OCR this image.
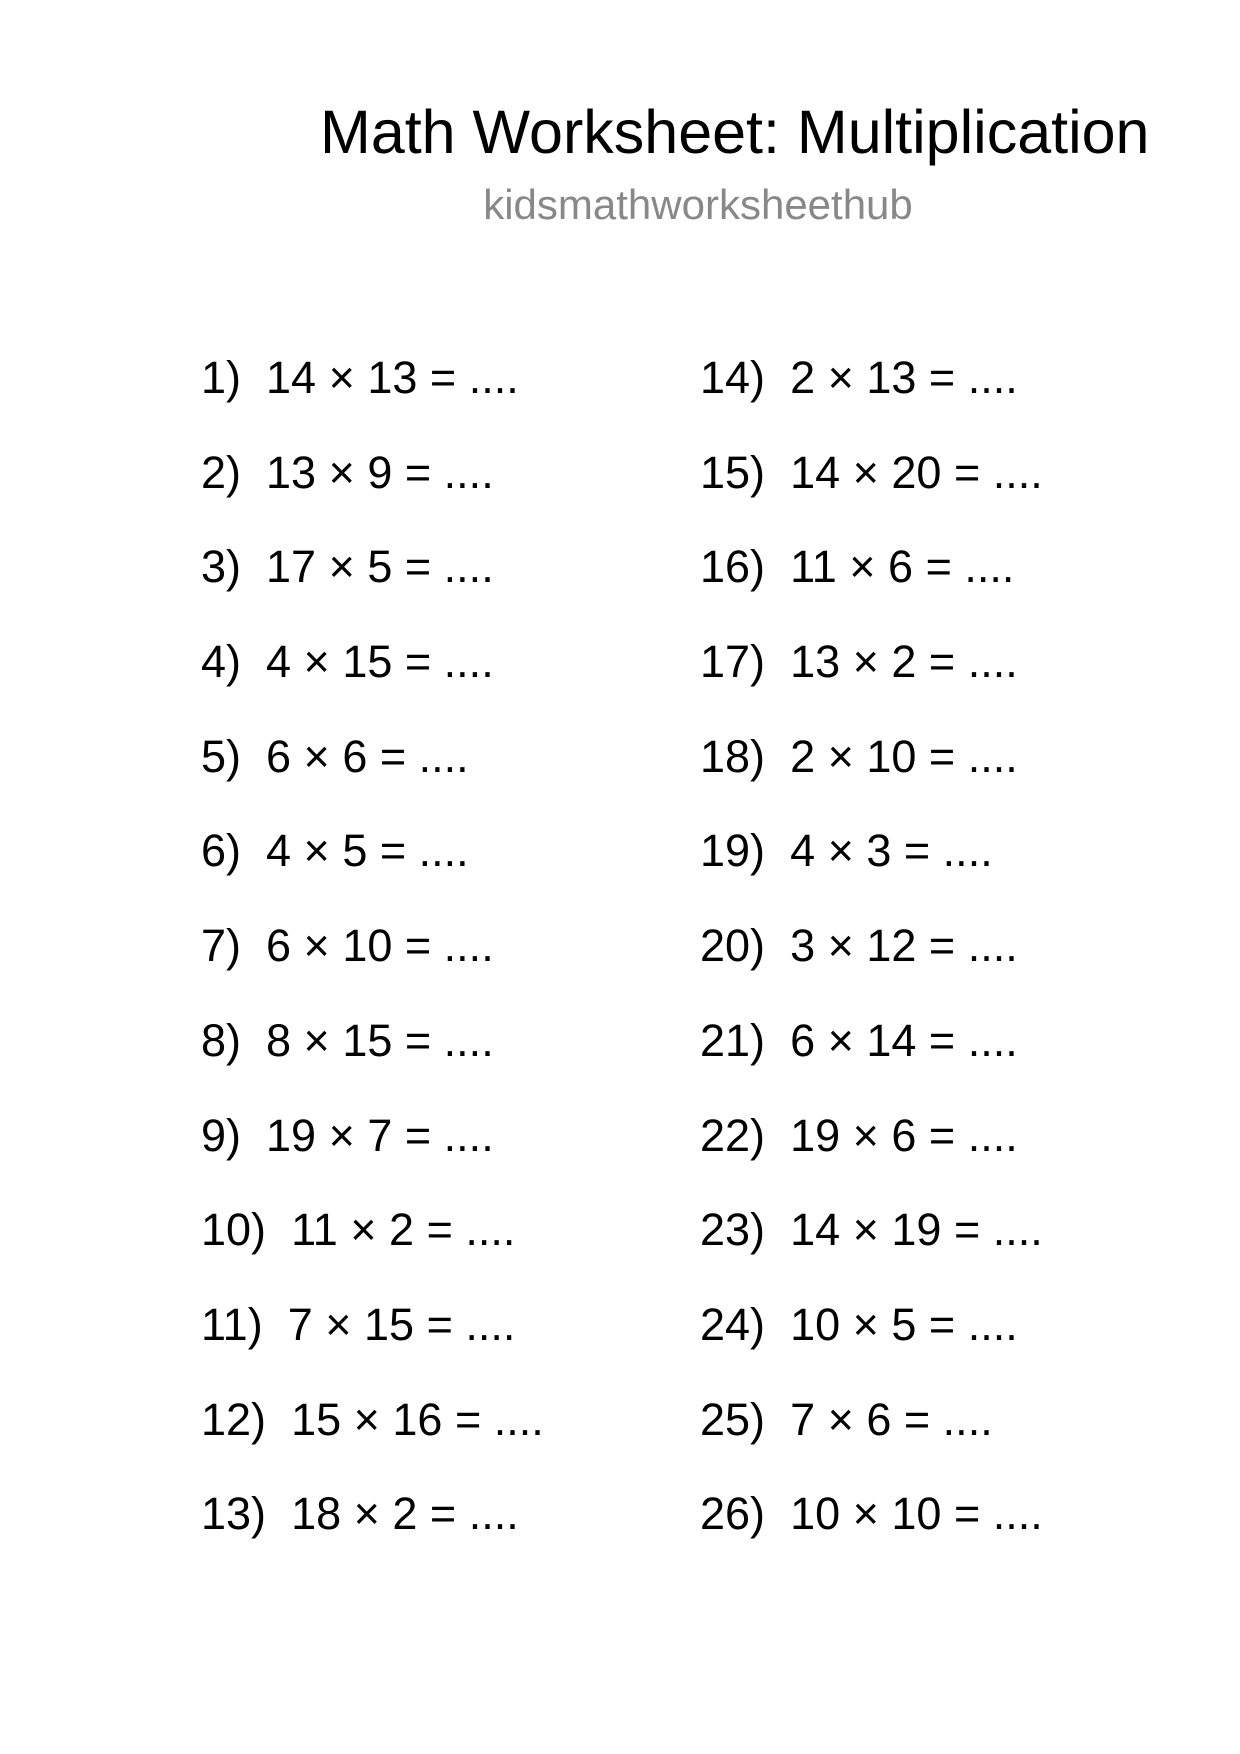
Math Worksheet: Multiplication
kidsmathworksheethub
1) 14 × 13 = ....
2) 13 × 9 = ....
3) 17 × 5 = ....
4) 4 × 15 = ....
5) 6 × 6 = ....
6) 4 × 5 = ....
7) 6 × 10 = ....
8) 8 × 15 = ....
9) 19 × 7 = ....
10) 11 × 2 = ....
11) 7 × 15 = ....
12) 15 × 16 = ....
13) 18 × 2 = ....
14) 2 × 13 = ....
15) 14 × 20 = ....
16) 11 × 6 = ....
17) 13 × 2 = ....
18) 2 × 10 = ....
19) 4 × 3 = ....
20) 3 × 12 = ....
21) 6 × 14 = ....
22) 19 × 6 = ....
23) 14 × 19 = ....
24) 10 × 5 = ....
25) 7 × 6 = ....
26) 10 × 10 = ....
